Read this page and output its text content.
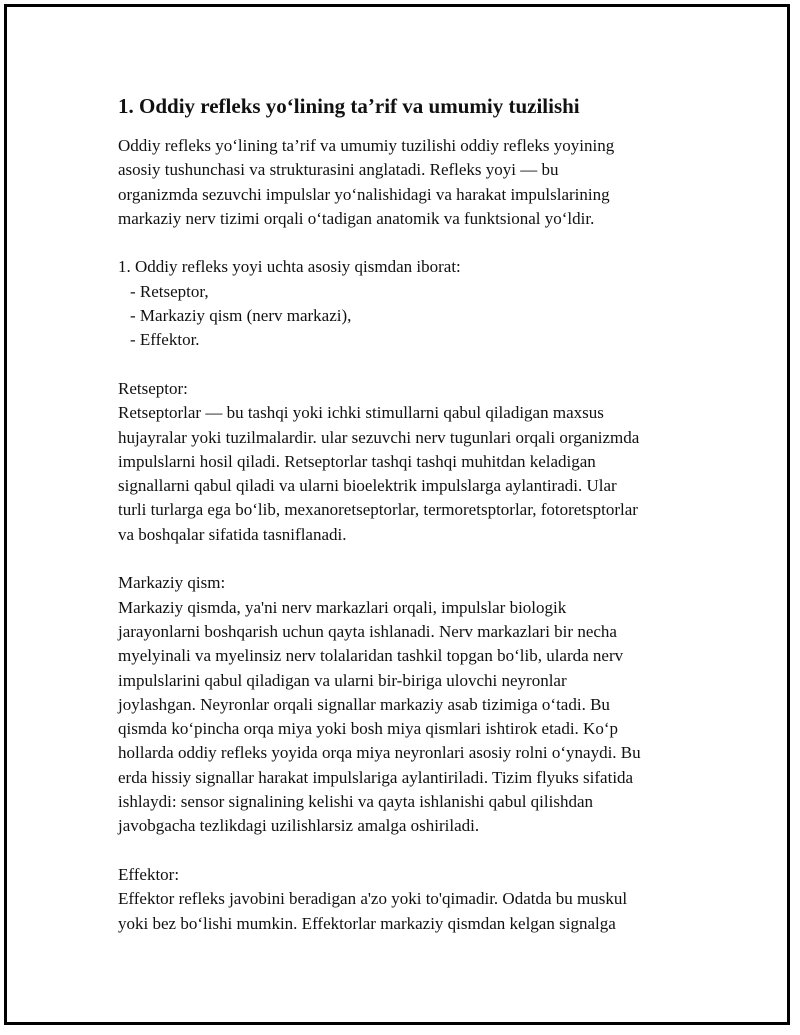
1. Oddiy refleks yo‘lining ta’rif va umumiy tuzilishi

Oddiy refleks yo‘lining ta’rif va umumiy tuzilishi oddiy refleks yoyining

asosiy tushunchasi va strukturasini anglatadi. Refleks yoyi — bu

organizmda sezuvchi impulslar yo‘nalishidagi va harakat impulslarining

markaziy nerv tizimi orqali o‘tadigan anatomik va funktsional yo‘ldir.

1. Oddiy refleks yoyi uchta asosiy qismdan iborat:
- Retseptor,
- Markaziy qism (nerv markazi),
- Effektor.

Retseptor:

Retseptorlar — bu tashqi yoki ichki stimullarni qabul qiladigan maxsus

hujayralar yoki tuzilmalardir. ular sezuvchi nerv tugunlari orqali organizmda

impulslarni hosil qiladi. Retseptorlar tashqi tashqi muhitdan keladigan

signallarni qabul qiladi va ularni bioelektrik impulslarga aylantiradi. Ular

turli turlarga ega bo‘lib, mexanoretseptorlar, termoretsptorlar, fotoretsptorlar

va boshqalar sifatida tasniflanadi.

Markaziy qism:

Markaziy qismda, ya'ni nerv markazlari orqali, impulslar biologik

jarayonlarni boshqarish uchun qayta ishlanadi. Nerv markazlari bir necha

myelyinali va myelinsiz nerv tolalaridan tashkil topgan bo‘lib, ularda nerv

impulslarini qabul qiladigan va ularni bir-biriga ulovchi neyronlar

joylashgan. Neyronlar orqali signallar markaziy asab tizimiga o‘tadi. Bu

qismda ko‘pincha orqa miya yoki bosh miya qismlari ishtirok etadi. Ko‘p

hollarda oddiy refleks yoyida orqa miya neyronlari asosiy rolni o‘ynaydi. Bu

erda hissiy signallar harakat impulslariga aylantiriladi. Tizim flyuks sifatida

ishlaydi: sensor signalining kelishi va qayta ishlanishi qabul qilishdan

javobgacha tezlikdagi uzilishlarsiz amalga oshiriladi.

Effektor:

Effektor refleks javobini beradigan a'zo yoki to'qimadir. Odatda bu muskul

yoki bez bo‘lishi mumkin. Effektorlar markaziy qismdan kelgan signalga
